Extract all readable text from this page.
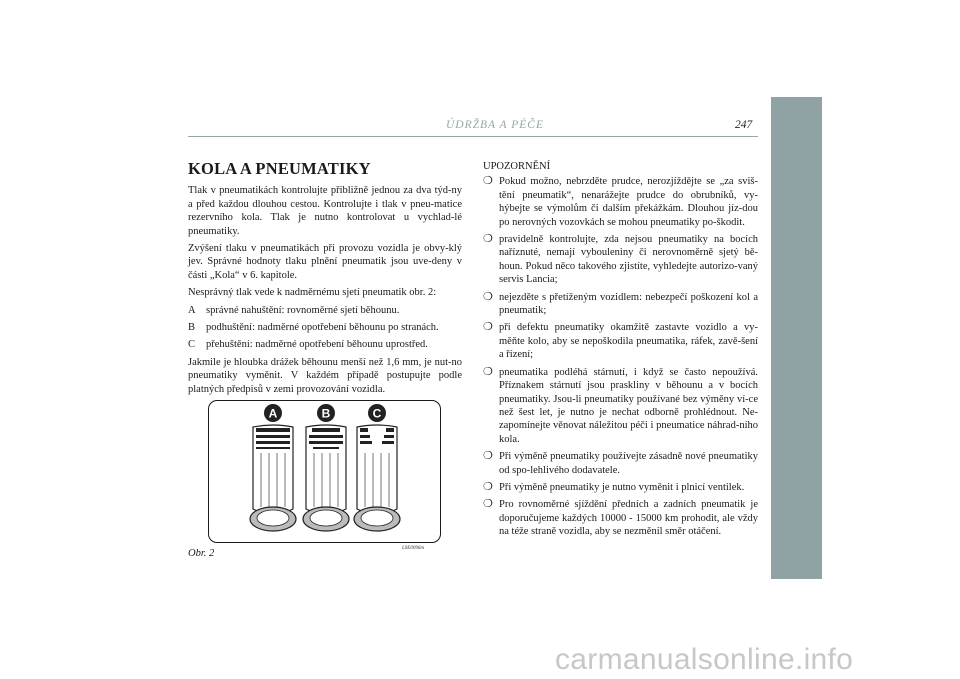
ÚDRŽBA A PÉČE	247
KOLA A PNEUMATIKY

Tlak v pneumatikách kontrolujte přibližně jednou za dva týd-ny a před každou dlouhou cestou. Kontrolujte i tlak v pneu-matice rezervního kola. Tlak je nutno kontrolovat u vychlad-lé pneumatiky.

Zvýšení tlaku v pneumatikách při provozu vozidla je obvy-klý jev. Správné hodnoty tlaku plnění pneumatik jsou uve-deny v části „Kola“ v 6. kapitole.

Nesprávný tlak vede k nadměrnému sjetí pneumatik obr. 2:

A správné nahuštění: rovnoměrné sjetí běhounu.
B	podhuštění: nadměrné opotřebení běhounu po stranách.
C	přehuštění: nadměrné opotřebení běhounu uprostřed.

Jakmile je hloubka drážek běhounu menší než 1,6 mm, je nut-no pneumatiky vyměnit. V každém případě postupujte podle platných předpisů v zemi provozování vozidla.

A	B	C
Obr. 2	L0E0096m
UPOZORNĚNÍ
❍ Pokud možno, nebrzděte prudce, nerozjíždějte se „za sviš-tění pneumatik“, nenarážejte prudce do obrubníků, vy-hýbejte se výmolům či dalším překážkám. Dlouhou jíz-dou po nerovných vozovkách se mohou pneumatiky po-škodit.
❍ pravidelně kontrolujte, zda nejsou pneumatiky na bocích naříznuté, nemají vybouleniny či nerovnoměrně sjetý bě-houn. Pokud něco takového zjistíte, vyhledejte autorizo-vaný servis Lancia;
❍ nejezděte s přetíženým vozidlem: nebezpečí poškození kol a pneumatik;
❍ při defektu pneumatiky okamžitě zastavte vozidlo a vy-měňte kolo, aby se nepoškodila pneumatika, ráfek, zavě-šení a řízení;
❍ pneumatika podléhá stárnutí, i když se často nepoužívá. Příznakem stárnutí jsou praskliny v běhounu a v bocích pneumatiky. Jsou-li pneumatiky používané bez výměny ví-ce než šest let, je nutno je nechat odborně prohlédnout. Ne-zapomínejte věnovat náležitou péči i pneumatice náhrad-ního kola.
❍ Při výměně pneumatiky používejte zásadně nové pneumatiky od spo-lehlivého dodavatele.
❍ Při výměně pneumatiky je nutno vyměnit i plnicí ventilek.
❍ Pro rovnoměrné sjíždění předních a zadních pneumatik je doporučujeme každých 10000 - 15000 km prohodit, ale vždy na téže straně vozidla, aby se nezměnil směr otáčení.
carmanualsonline.info
